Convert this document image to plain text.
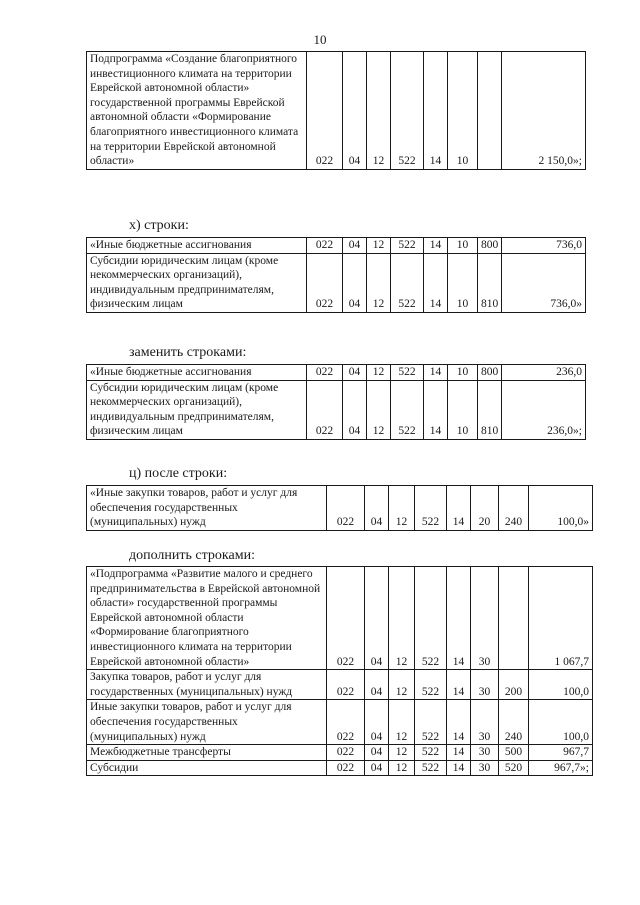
10
Подпрограмма «Создание благоприятного инвестиционного климата на территории Еврейской автономной области» государственной программы Еврейской автономной области «Формирование благоприятного инвестиционного климата на территории Еврейской автономной области»	022	04	12	522	14	10		2 150,0»;
х) строки:
«Иные бюджетные ассигнования	022	04	12	522	14	10	800	736,0
Субсидии юридическим лицам (кроме некоммерческих организаций), индивидуальным предпринимателям, физическим лицам	022	04	12	522	14	10	810	736,0»
заменить строками:
«Иные бюджетные ассигнования	022	04	12	522	14	10	800	236,0
Субсидии юридическим лицам (кроме некоммерческих организаций), индивидуальным предпринимателям, физическим лицам	022	04	12	522	14	10	810	236,0»;
ц) после строки:
«Иные закупки товаров, работ и услуг для обеспечения государственных (муниципальных) нужд	022	04	12	522	14	20	240	100,0»
дополнить строками:
«Подпрограмма «Развитие малого и среднего предпринимательства в Еврейской автономной области» государственной программы Еврейской автономной области «Формирование благоприятного инвестиционного климата на территории Еврейской автономной области»	022	04	12	522	14	30		1 067,7
Закупка товаров, работ и услуг для государственных (муниципальных) нужд	022	04	12	522	14	30	200	100,0
Иные закупки товаров, работ и услуг для обеспечения государственных (муниципальных) нужд	022	04	12	522	14	30	240	100,0
Межбюджетные трансферты	022	04	12	522	14	30	500	967,7
Субсидии	022	04	12	522	14	30	520	967,7»;
